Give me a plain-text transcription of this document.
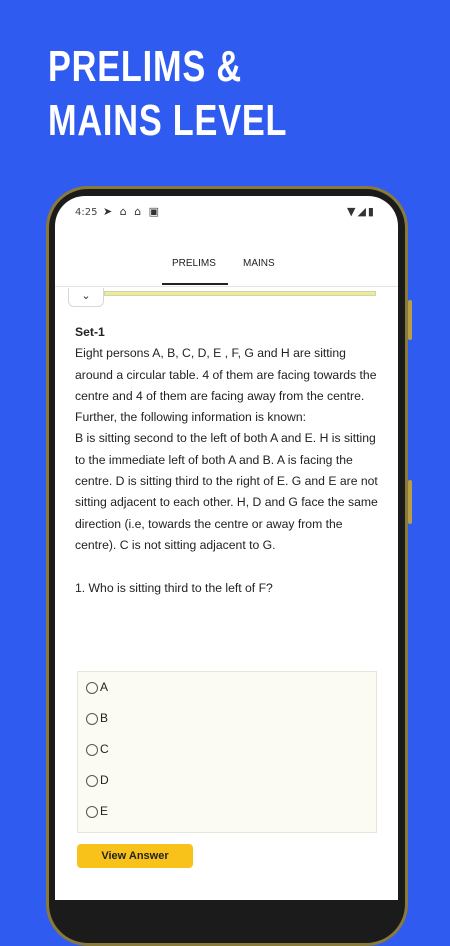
PRELIMS &
MAINS LEVEL
4:25 ➤ ⌂ ⌂ ▣	▼◢▮
PRELIMS	MAINS
⌄
Set-1
Eight persons A, B, C, D, E , F, G and H are sitting around a circular table. 4 of them are facing towards the centre and 4 of them are facing away from the centre. Further, the following information is known:
B is sitting second to the left of both A and E. H is sitting to the immediate left of both A and B. A is facing the centre. D is sitting third to the right of E. G and E are not sitting adjacent to each other. H, D and G face the same direction (i.e, towards the centre or away from the centre). C is not sitting adjacent to G.
1. Who is sitting third to the left of F?
A
B
C
D
E
View Answer
